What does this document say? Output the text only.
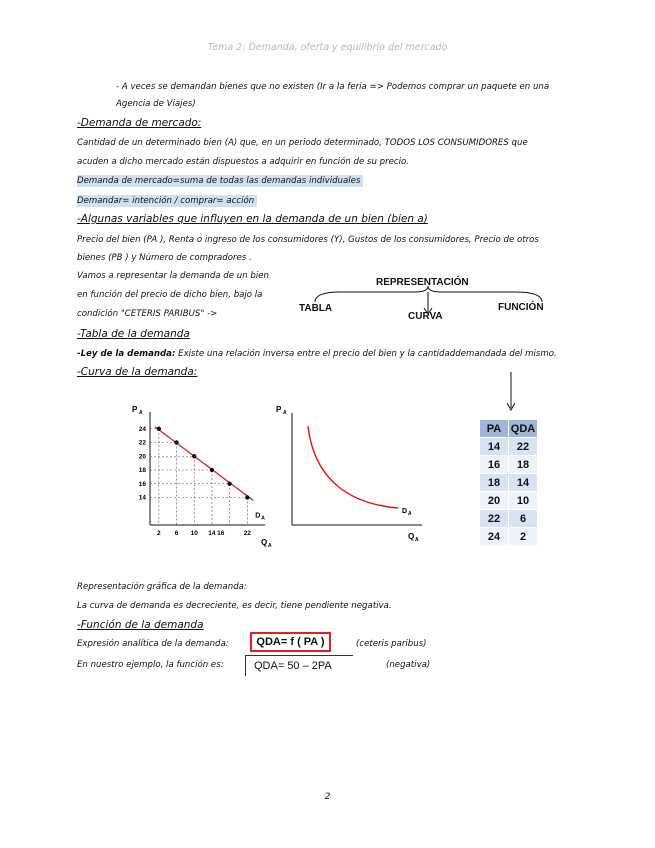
Tema 2: Demanda, oferta y equilibrio del mercado
- A veces se demandan bienes que no existen (Ir a la feria => Podemos comprar un paquete en una
Agencia de Viajes)
-Demanda de mercado:
Cantidad de un determinado bien (A) que, en un periodo determinado, TODOS LOS CONSUMIDORES que
acuden a dicho mercado están dispuestos a adquirir en función de su precio.
Demanda de mercado=suma de todas las demandas individuales
Demandar= intención / comprar= acción
-Algunas variables que influyen en la demanda de un bien (bien a)
Precio del bien (PA ), Renta o ingreso de los consumidores (Y), Gustos de los consumidores, Precio de otros
bienes (PB ) y Número de compradores .
Vamos a representar la demanda de un bien
en función del precio de dicho bien, bajo la
condición "CETERIS PARIBUS" ->
REPRESENTACIÓN
TABLA
CURVA
FUNCIÓN
-Tabla de la demanda
-Ley de la demanda: Existe una relación inversa entre el precio del bien y la cantidaddemandada del mismo.
-Curva de la demanda:
2 6 10 14 16	22
14
16
18
20
22
24
P A
Q A
D A
P A
Q A
D A
PA	QDA
14	22
16	18
18	14
20	10
22	6
24	2
Representación gráfica de la demanda:
La curva de demanda es decreciente, es decir, tiene pendiente negativa.
-Función de la demanda
Expresión analítica de la demanda:	QDA= f ( PA )	(ceteris paribus)
En nuestro ejemplo, la función es:	QDA= 50 – 2PA	(negativa)
2
